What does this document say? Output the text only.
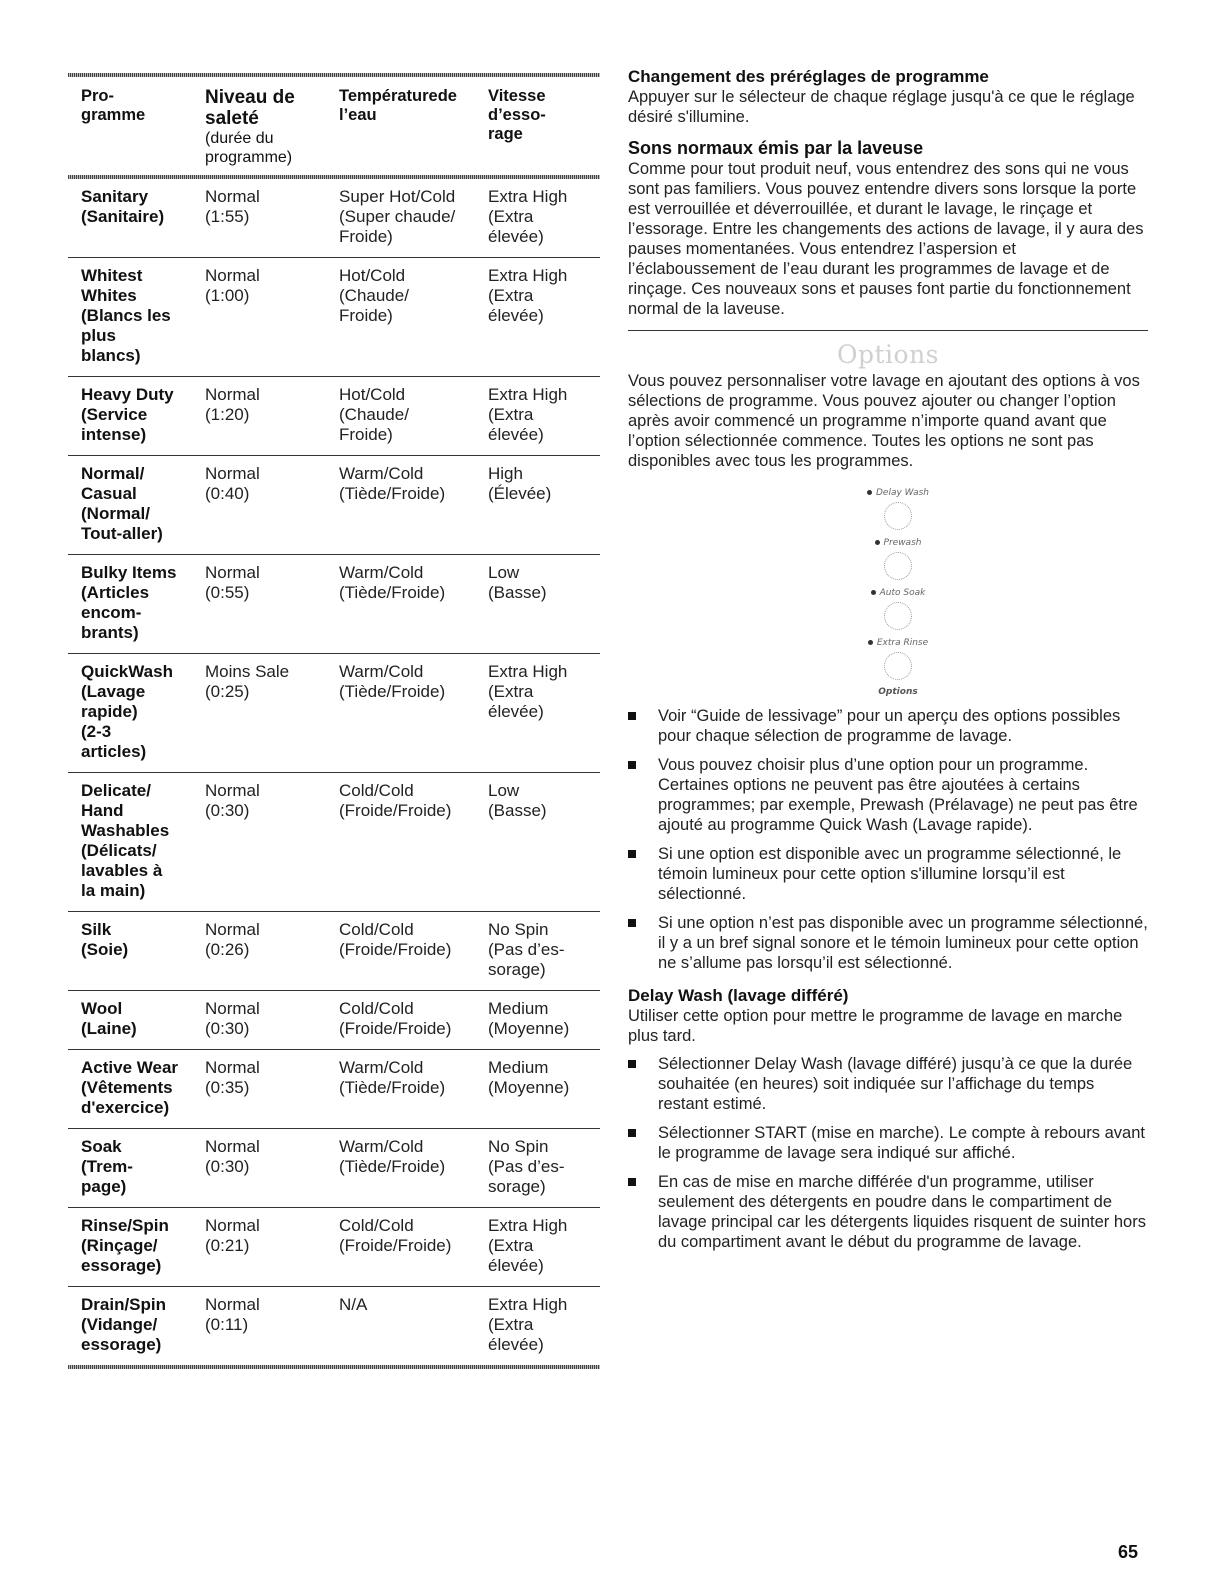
Pro-
gramme
Niveau de
saleté
(durée du
programme)
Températurede
l’eau
Vitesse
d’esso-
rage
Sanitary
(Sanitaire)
Normal
(1:55)
Super Hot/Cold
(Super chaude/
Froide)
Extra High
(Extra
élevée)
Whitest
Whites
(Blancs les
plus
blancs)
Normal
(1:00)
Hot/Cold
(Chaude/
Froide)
Extra High
(Extra
élevée)
Heavy Duty
(Service
intense)
Normal
(1:20)
Hot/Cold
(Chaude/
Froide)
Extra High
(Extra
élevée)
Normal/
Casual
(Normal/
Tout-aller)
Normal
(0:40)
Warm/Cold
(Tiède/Froide)
High
(Élevée)
Bulky Items
(Articles
encom-
brants)
Normal
(0:55)
Warm/Cold
(Tiède/Froide)
Low
(Basse)
QuickWash
(Lavage
rapide)
(2-3
articles)
Moins Sale
(0:25)
Warm/Cold
(Tiède/Froide)
Extra High
(Extra
élevée)
Delicate/
Hand
Washables
(Délicats/
lavables à
la main)
Normal
(0:30)
Cold/Cold
(Froide/Froide)
Low
(Basse)
Silk
(Soie)
Normal
(0:26)
Cold/Cold
(Froide/Froide)
No Spin
(Pas d’es-
sorage)
Wool
(Laine)
Normal
(0:30)
Cold/Cold
(Froide/Froide)
Medium
(Moyenne)
Active Wear
(Vêtements
d'exercice)
Normal
(0:35)
Warm/Cold
(Tiède/Froide)
Medium
(Moyenne)
Soak
(Trem-
page)
Normal
(0:30)
Warm/Cold
(Tiède/Froide)
No Spin
(Pas d’es-
sorage)
Rinse/Spin
(Rinçage/
essorage)
Normal
(0:21)
Cold/Cold
(Froide/Froide)
Extra High
(Extra
élevée)
Drain/Spin
(Vidange/
essorage)
Normal
(0:11)
N/A	Extra High
(Extra
élevée)
Changement des préréglages de programme

Appuyer sur le sélecteur de chaque réglage jusqu'à ce que le réglage désiré s'illumine.

Sons normaux émis par la laveuse

Comme pour tout produit neuf, vous entendrez des sons qui ne vous sont pas familiers. Vous pouvez entendre divers sons lorsque la porte est verrouillée et déverrouillée, et durant le lavage, le rinçage et l’essorage. Entre les changements des actions de lavage, il y aura des pauses momentanées. Vous entendrez l’aspersion et l’éclaboussement de l’eau durant les programmes de lavage et de rinçage. Ces nouveaux sons et pauses font partie du fonctionnement normal de la laveuse.

Options

Vous pouvez personnaliser votre lavage en ajoutant des options à vos sélections de programme. Vous pouvez ajouter ou changer l’option après avoir commencé un programme n’importe quand avant que l’option sélectionnée commence. Toutes les options ne sont pas disponibles avec tous les programmes.

Delay Wash
Prewash
Auto Soak
Extra Rinse
Options
Voir “Guide de lessivage” pour un aperçu des options possibles pour chaque sélection de programme de lavage.
Vous pouvez choisir plus d’une option pour un programme. Certaines options ne peuvent pas être ajoutées à certains programmes; par exemple, Prewash (Prélavage) ne peut pas être ajouté au programme Quick Wash (Lavage rapide).
Si une option est disponible avec un programme sélectionné, le témoin lumineux pour cette option s'illumine lorsqu’il est sélectionné.
Si une option n’est pas disponible avec un programme sélectionné, il y a un bref signal sonore et le témoin lumineux pour cette option ne s’allume pas lorsqu’il est sélectionné.
Delay Wash (lavage différé)

Utiliser cette option pour mettre le programme de lavage en marche plus tard.

Sélectionner Delay Wash (lavage différé) jusqu’à ce que la durée souhaitée (en heures) soit indiquée sur l’affichage du temps restant estimé.
Sélectionner START (mise en marche). Le compte à rebours avant le programme de lavage sera indiqué sur affiché.
En cas de mise en marche différée d'un programme, utiliser seulement des détergents en poudre dans le compartiment de lavage principal car les détergents liquides risquent de suinter hors du compartiment avant le début du programme de lavage.
65
